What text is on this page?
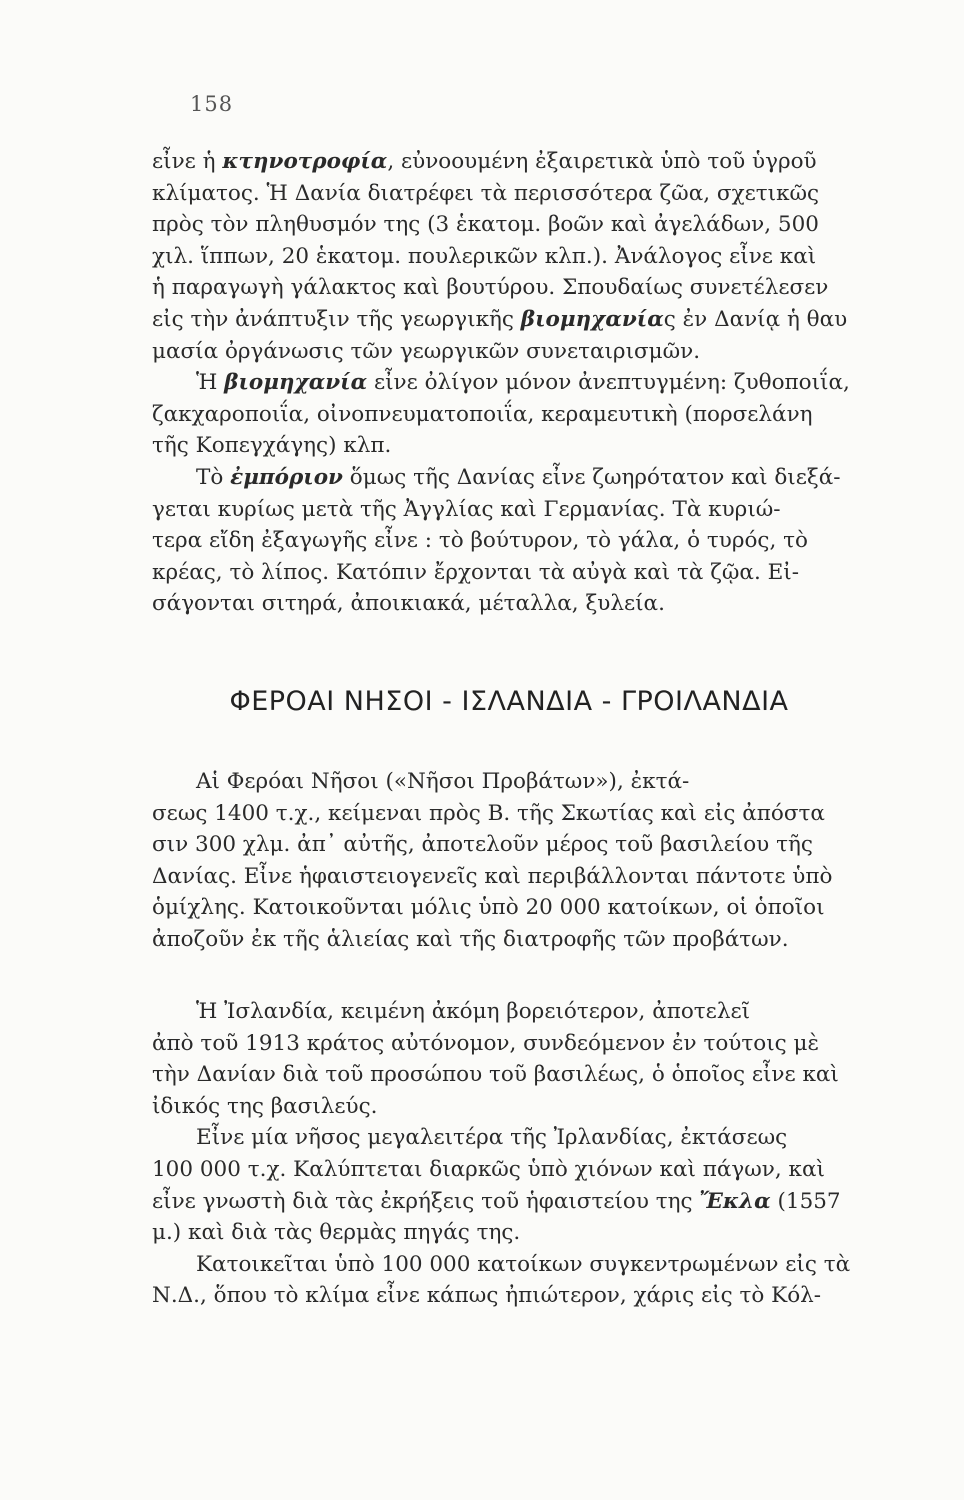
158
εἶνε ἡ κτηνοτροφία, εὐνοουμένη ἐξαιρετικὰ ὑπὸ τοῦ ὑγροῦ
κλίματος. Ἡ Δανία διατρέφει τὰ περισσότερα ζῶα, σχετικῶς
πρὸς τὸν πληθυσμόν της (3 ἑκατομ. βοῶν καὶ ἀγελάδων, 500
χιλ. ἵππων, 20 ἑκατομ. πουλερικῶν κλπ.). Ἀνάλογος εἶνε καὶ
ἡ παραγωγὴ γάλακτος καὶ βουτύρου. Σπουδαίως συνετέλεσεν
εἰς τὴν ἀνάπτυξιν τῆς γεωργικῆς βιομηχανίας ἐν Δανίᾳ ἡ θαυ
μασία ὀργάνωσις τῶν γεωργικῶν συνεταιρισμῶν.
Ἡ βιομηχανία εἶνε ὀλίγον μόνον ἀνεπτυγμένη: ζυθοποιΐα,
ζακχαροποιΐα, οἰνοπνευματοποιΐα, κεραμευτικὴ (πορσελάνη
τῆς Κοπεγχάγης) κλπ.
Τὸ ἐμπόριον ὅμως τῆς Δανίας εἶνε ζωηρότατον καὶ διεξά-
γεται κυρίως μετὰ τῆς Ἀγγλίας καὶ Γερμανίας. Τὰ κυριώ-
τερα εἴδη ἐξαγωγῆς εἶνε : τὸ βούτυρον, τὸ γάλα, ὁ τυρός, τὸ
κρέας, τὸ λίπος. Κατόπιν ἔρχονται τὰ αὐγὰ καὶ τὰ ζῷα. Εἰ-
σάγονται σιτηρά, ἀποικιακά, μέταλλα, ξυλεία.
ΦΕΡΟΑΙ ΝΗΣΟΙ - ΙΣΛΑΝΔΙΑ - ΓΡΟΙΛΑΝΔΙΑ
Αἱ Φερόαι Νῆσοι («Νῆσοι Προβάτων»), ἐκτά-
σεως 1400 τ.χ., κείμεναι πρὸς Β. τῆς Σκωτίας καὶ εἰς ἀπόστα
σιν 300 χλμ. ἀπ᾿ αὐτῆς, ἀποτελοῦν μέρος τοῦ βασιλείου τῆς
Δανίας. Εἶνε ἡφαιστειογενεῖς καὶ περιβάλλονται πάντοτε ὑπὸ
ὁμίχλης. Κατοικοῦνται μόλις ὑπὸ 20 000 κατοίκων, οἱ ὁποῖοι
ἀποζοῦν ἐκ τῆς ἁλιείας καὶ τῆς διατροφῆς τῶν προβάτων.
Ἡ Ἰσλανδία, κειμένη ἀκόμη βορειότερον, ἀποτελεῖ
ἀπὸ τοῦ 1913 κράτος αὐτόνομον, συνδεόμενον ἐν τούτοις μὲ
τὴν Δανίαν διὰ τοῦ προσώπου τοῦ βασιλέως, ὁ ὁποῖος εἶνε καὶ
ἰδικός της βασιλεύς.
Εἶνε μία νῆσος μεγαλειτέρα τῆς Ἰρλανδίας, ἐκτάσεως
100 000 τ.χ. Καλύπτεται διαρκῶς ὑπὸ χιόνων καὶ πάγων, καὶ
εἶνε γνωστὴ διὰ τὰς ἐκρήξεις τοῦ ἡφαιστείου της Ἔκλα (1557
μ.) καὶ διὰ τὰς θερμὰς πηγάς της.
Κατοικεῖται ὑπὸ 100 000 κατοίκων συγκεντρωμένων εἰς τὰ
Ν.Δ., ὅπου τὸ κλίμα εἶνε κάπως ἠπιώτερον, χάρις εἰς τὸ Κόλ-
